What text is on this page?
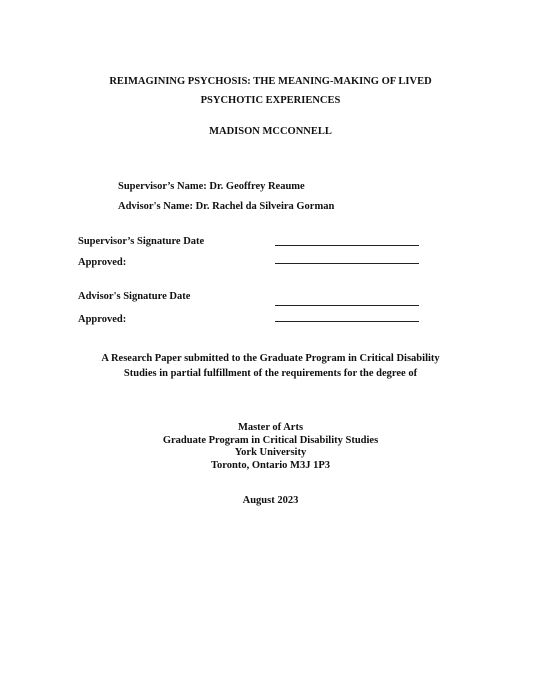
REIMAGINING PSYCHOSIS: THE MEANING-MAKING OF LIVED
PSYCHOTIC EXPERIENCES
MADISON MCCONNELL
Supervisor’s Name: Dr. Geoffrey Reaume
Advisor's Name: Dr. Rachel da Silveira Gorman
Supervisor’s Signature Date
Approved:
Advisor's Signature Date
Approved:
A Research Paper submitted to the Graduate Program in Critical Disability
Studies in partial fulfillment of the requirements for the degree of
Master of Arts
Graduate Program in Critical Disability Studies
York University
Toronto, Ontario M3J 1P3
August 2023
